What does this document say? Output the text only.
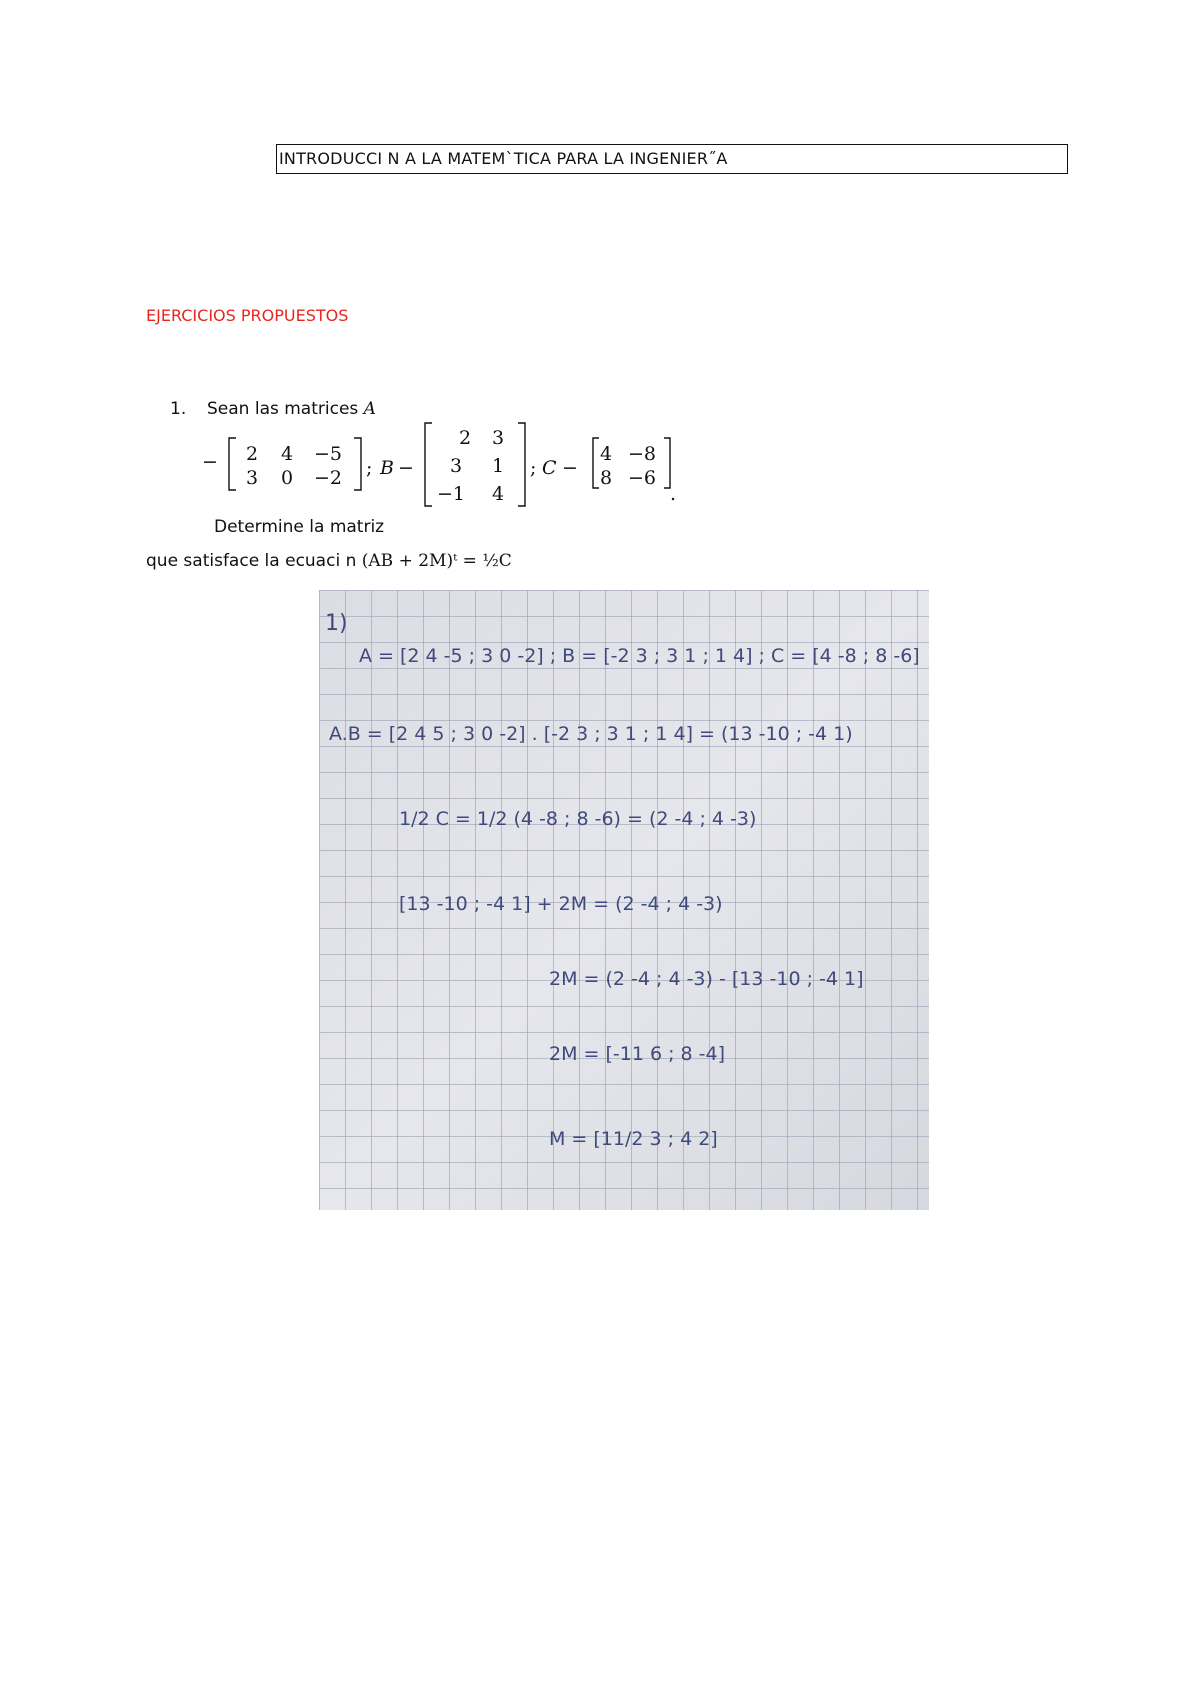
INTRODUCCI N A LA MATEM`TICA PARA LA INGENIER˝A
EJERCICIOS PROPUESTOS
1. Sean las matrices A
− 2 4 −5
3 0 −2 ; B −
2 3
3 1
−1 4
; C −
4 −8
8 −6
.
Determine la matriz
que satisface la ecuaci n (AB + 2M)ᵗ = ½C
1)
A = [2 4 -5 ; 3 0 -2] ; B = [-2 3 ; 3 1 ; 1 4] ; C = [4 -8 ; 8 -6]
A.B = [2 4 5 ; 3 0 -2] . [-2 3 ; 3 1 ; 1 4] = (13 -10 ; -4 1)
1/2 C = 1/2 (4 -8 ; 8 -6) = (2 -4 ; 4 -3)
[13 -10 ; -4 1] + 2M = (2 -4 ; 4 -3)
2M = (2 -4 ; 4 -3) - [13 -10 ; -4 1]
2M = [-11 6 ; 8 -4]
M = [11/2 3 ; 4 2]
